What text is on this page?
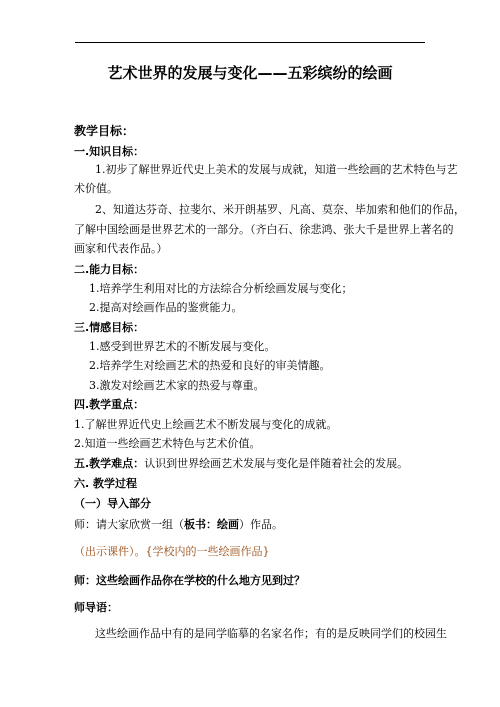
艺术世界的发展与变化——五彩缤纷的绘画
教学目标：
一.知识目标：
1.初步了解世界近代史上美术的发展与成就，知道一些绘画的艺术特色与艺
术价值。
2、知道达芬奇、拉斐尔、米开朗基罗、凡高、莫奈、毕加索和他们的作品，
了解中国绘画是世界艺术的一部分。（齐白石、徐悲鸿、张大千是世界上著名的
画家和代表作品。）
二.能力目标：
1.培养学生利用对比的方法综合分析绘画发展与变化；
2.提高对绘画作品的鉴赏能力。
三.情感目标：
1.感受到世界艺术的不断发展与变化。
2.培养学生对绘画艺术的热爱和良好的审美情趣。
3.激发对绘画艺术家的热爱与尊重。
四.教学重点：
1.了解世界近代史上绘画艺术不断发展与变化的成就。
2.知道一些绘画艺术特色与艺术价值。
五.教学难点：认识到世界绘画艺术发展与变化是伴随着社会的发展。
六. 教学过程
（一）导入部分
师：请大家欣赏一组（板书：绘画）作品。
（出示课件）。{学校内的一些绘画作品}
师：这些绘画作品你在学校的什么地方见到过？
师导语：
这些绘画作品中有的是同学临摹的名家名作；有的是反映同学们的校园生
